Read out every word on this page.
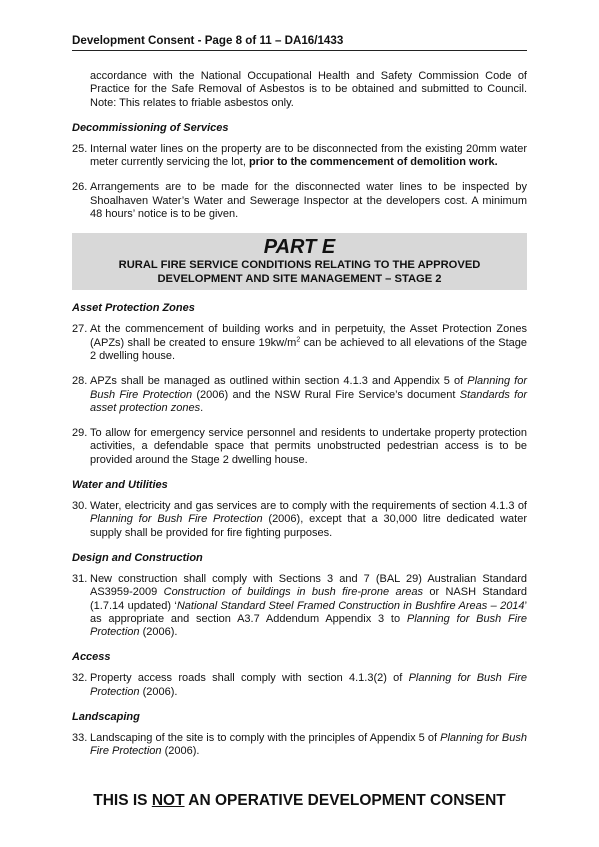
Development Consent - Page 8 of 11 – DA16/1433
accordance with the National Occupational Health and Safety Commission Code of Practice for the Safe Removal of Asbestos is to be obtained and submitted to Council. Note: This relates to friable asbestos only.
Decommissioning of Services
25. Internal water lines on the property are to be disconnected from the existing 20mm water meter currently servicing the lot, prior to the commencement of demolition work.
26. Arrangements are to be made for the disconnected water lines to be inspected by Shoalhaven Water’s Water and Sewerage Inspector at the developers cost. A minimum 48 hours’ notice is to be given.
PART E
RURAL FIRE SERVICE CONDITIONS RELATING TO THE APPROVED DEVELOPMENT AND SITE MANAGEMENT – STAGE 2
Asset Protection Zones
27. At the commencement of building works and in perpetuity, the Asset Protection Zones (APZs) shall be created to ensure $19kw/m^2$ can be achieved to all elevations of the Stage 2 dwelling house.
28. APZs shall be managed as outlined within section 4.1.3 and Appendix 5 of Planning for Bush Fire Protection (2006) and the NSW Rural Fire Service’s document Standards for asset protection zones.
29. To allow for emergency service personnel and residents to undertake property protection activities, a defendable space that permits unobstructed pedestrian access is to be provided around the Stage 2 dwelling house.
Water and Utilities
30. Water, electricity and gas services are to comply with the requirements of section 4.1.3 of Planning for Bush Fire Protection (2006), except that a 30,000 litre dedicated water supply shall be provided for fire fighting purposes.
Design and Construction
31. New construction shall comply with Sections 3 and 7 (BAL 29) Australian Standard AS3959-2009 Construction of buildings in bush fire-prone areas or NASH Standard (1.7.14 updated) ‘National Standard Steel Framed Construction in Bushfire Areas – 2014’ as appropriate and section A3.7 Addendum Appendix 3 to Planning for Bush Fire Protection (2006).
Access
32. Property access roads shall comply with section 4.1.3(2) of Planning for Bush Fire Protection (2006).
Landscaping
33. Landscaping of the site is to comply with the principles of Appendix 5 of Planning for Bush Fire Protection (2006).
THIS IS NOT AN OPERATIVE DEVELOPMENT CONSENT
